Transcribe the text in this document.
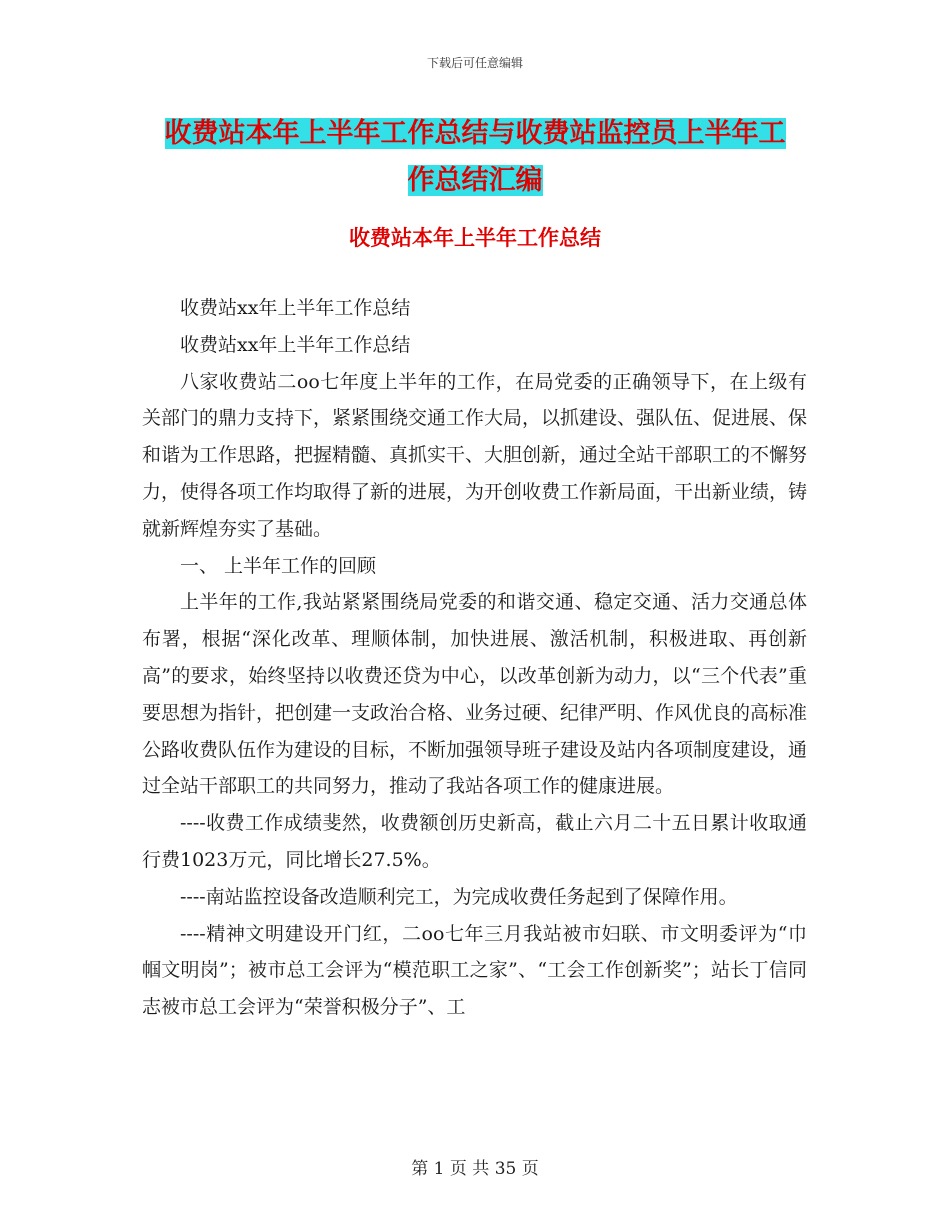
下载后可任意编辑
收费站本年上半年工作总结与收费站监控员上半年工
作总结汇编
收费站本年上半年工作总结

收费站xx年上半年工作总结

收费站xx年上半年工作总结

八家收费站二oo七年度上半年的工作，在局党委的正确领导下，在上级有关部门的鼎力支持下，紧紧围绕交通工作大局，以抓建设、强队伍、促进展、保和谐为工作思路，把握精髓、真抓实干、大胆创新，通过全站干部职工的不懈努力，使得各项工作均取得了新的进展，为开创收费工作新局面，干出新业绩，铸就新辉煌夯实了基础。

一、 上半年工作的回顾

上半年的工作,我站紧紧围绕局党委的和谐交通、稳定交通、活力交通总体布署，根据“深化改革、理顺体制，加快进展、激活机制，积极进取、再创新高”的要求，始终坚持以收费还贷为中心，以改革创新为动力，以“三个代表”重要思想为指针，把创建一支政治合格、业务过硬、纪律严明、作风优良的高标准公路收费队伍作为建设的目标，不断加强领导班子建设及站内各项制度建设，通过全站干部职工的共同努力，推动了我站各项工作的健康进展。

----收费工作成绩斐然，收费额创历史新高，截止六月二十五日累计收取通行费1023万元，同比增长27.5%。

----南站监控设备改造顺利完工，为完成收费任务起到了保障作用。

----精神文明建设开门红，二oo七年三月我站被市妇联、市文明委评为“巾帼文明岗”；被市总工会评为“模范职工之家”、“工会工作创新奖”；站长丁信同志被市总工会评为“荣誉积极分子”、工

第 1 页 共 35 页
